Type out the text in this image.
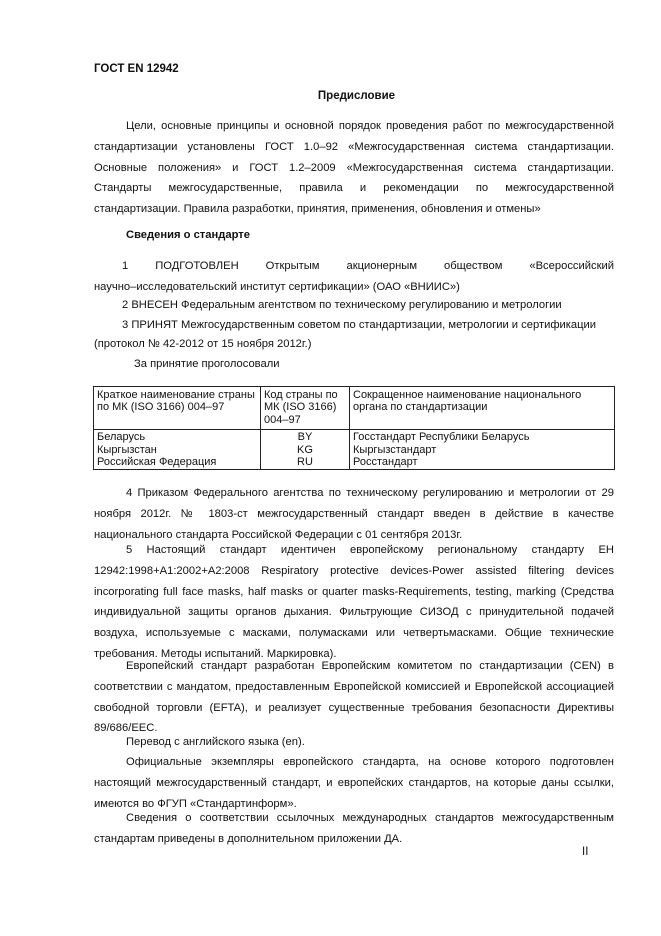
ГОСТ EN 12942
Предисловие

Цели, основные принципы и основной порядок проведения работ по межгосударственной стандартизации установлены ГОСТ 1.0–92 «Межгосударственная система стандартизации. Основные положения» и ГОСТ 1.2–2009 «Межгосударственная система стандартизации. Стандарты межгосударственные, правила и рекомендации по межгосударственной стандартизации. Правила разработки, принятия, применения, обновления и отмены»

Сведения о стандарте
1 ПОДГОТОВЛЕН Открытым акционерным обществом «Всероссийский
научно–исследовательский институт сертификации» (ОАО «ВНИИС»)
2 ВНЕСЕН Федеральным агентством по техническому регулированию и метрологии
3 ПРИНЯТ Межгосударственным советом по стандартизации, метрологии и сертификации
(протокол № 42-2012 от 15 ноября 2012г.)
За принятие проголосовали
Краткое наименование страны по МК (ISO 3166) 004–97	Код страны по МК (ISO 3166) 004–97	Сокращенное наименование национального органа по стандартизации

Беларусь
Кыргызстан
Российская Федерация	BY
KG
RU	Госстандарт Республики Беларусь
Кыргызстандарт
Росстандарт

4 Приказом Федерального агентства по техническому регулированию и метрологии от 29 ноября 2012г. № 1803-ст межгосударственный стандарт введен в действие в качестве национального стандарта Российской Федерации с 01 сентября 2013г.

5 Настоящий стандарт идентичен европейскому региональному стандарту EH 12942:1998+A1:2002+A2:2008 Respiratory protective devices-Power assisted filtering devices incorporating full face masks, half masks or quarter masks-Requirements, testing, marking (Средства индивидуальной защиты органов дыхания. Фильтрующие СИЗОД с принудительной подачей воздуха, используемые с масками, полумасками или четвертьмасками. Общие технические требования. Методы испытаний. Маркировка).

Европейский стандарт разработан Европейским комитетом по стандартизации (CEN) в соответствии с мандатом, предоставленным Европейской комиссией и Европейской ассоциацией свободной торговли (EFTA), и реализует существенные требования безопасности Директивы 89/686/EEC.

Перевод с английского языка (en).

Официальные экземпляры европейского стандарта, на основе которого подготовлен настоящий межгосударственный стандарт, и европейских стандартов, на которые даны ссылки, имеются во ФГУП «Стандартинформ».

Сведения о соответствии ссылочных международных стандартов межгосударственным стандартам приведены в дополнительном приложении ДА.

II
